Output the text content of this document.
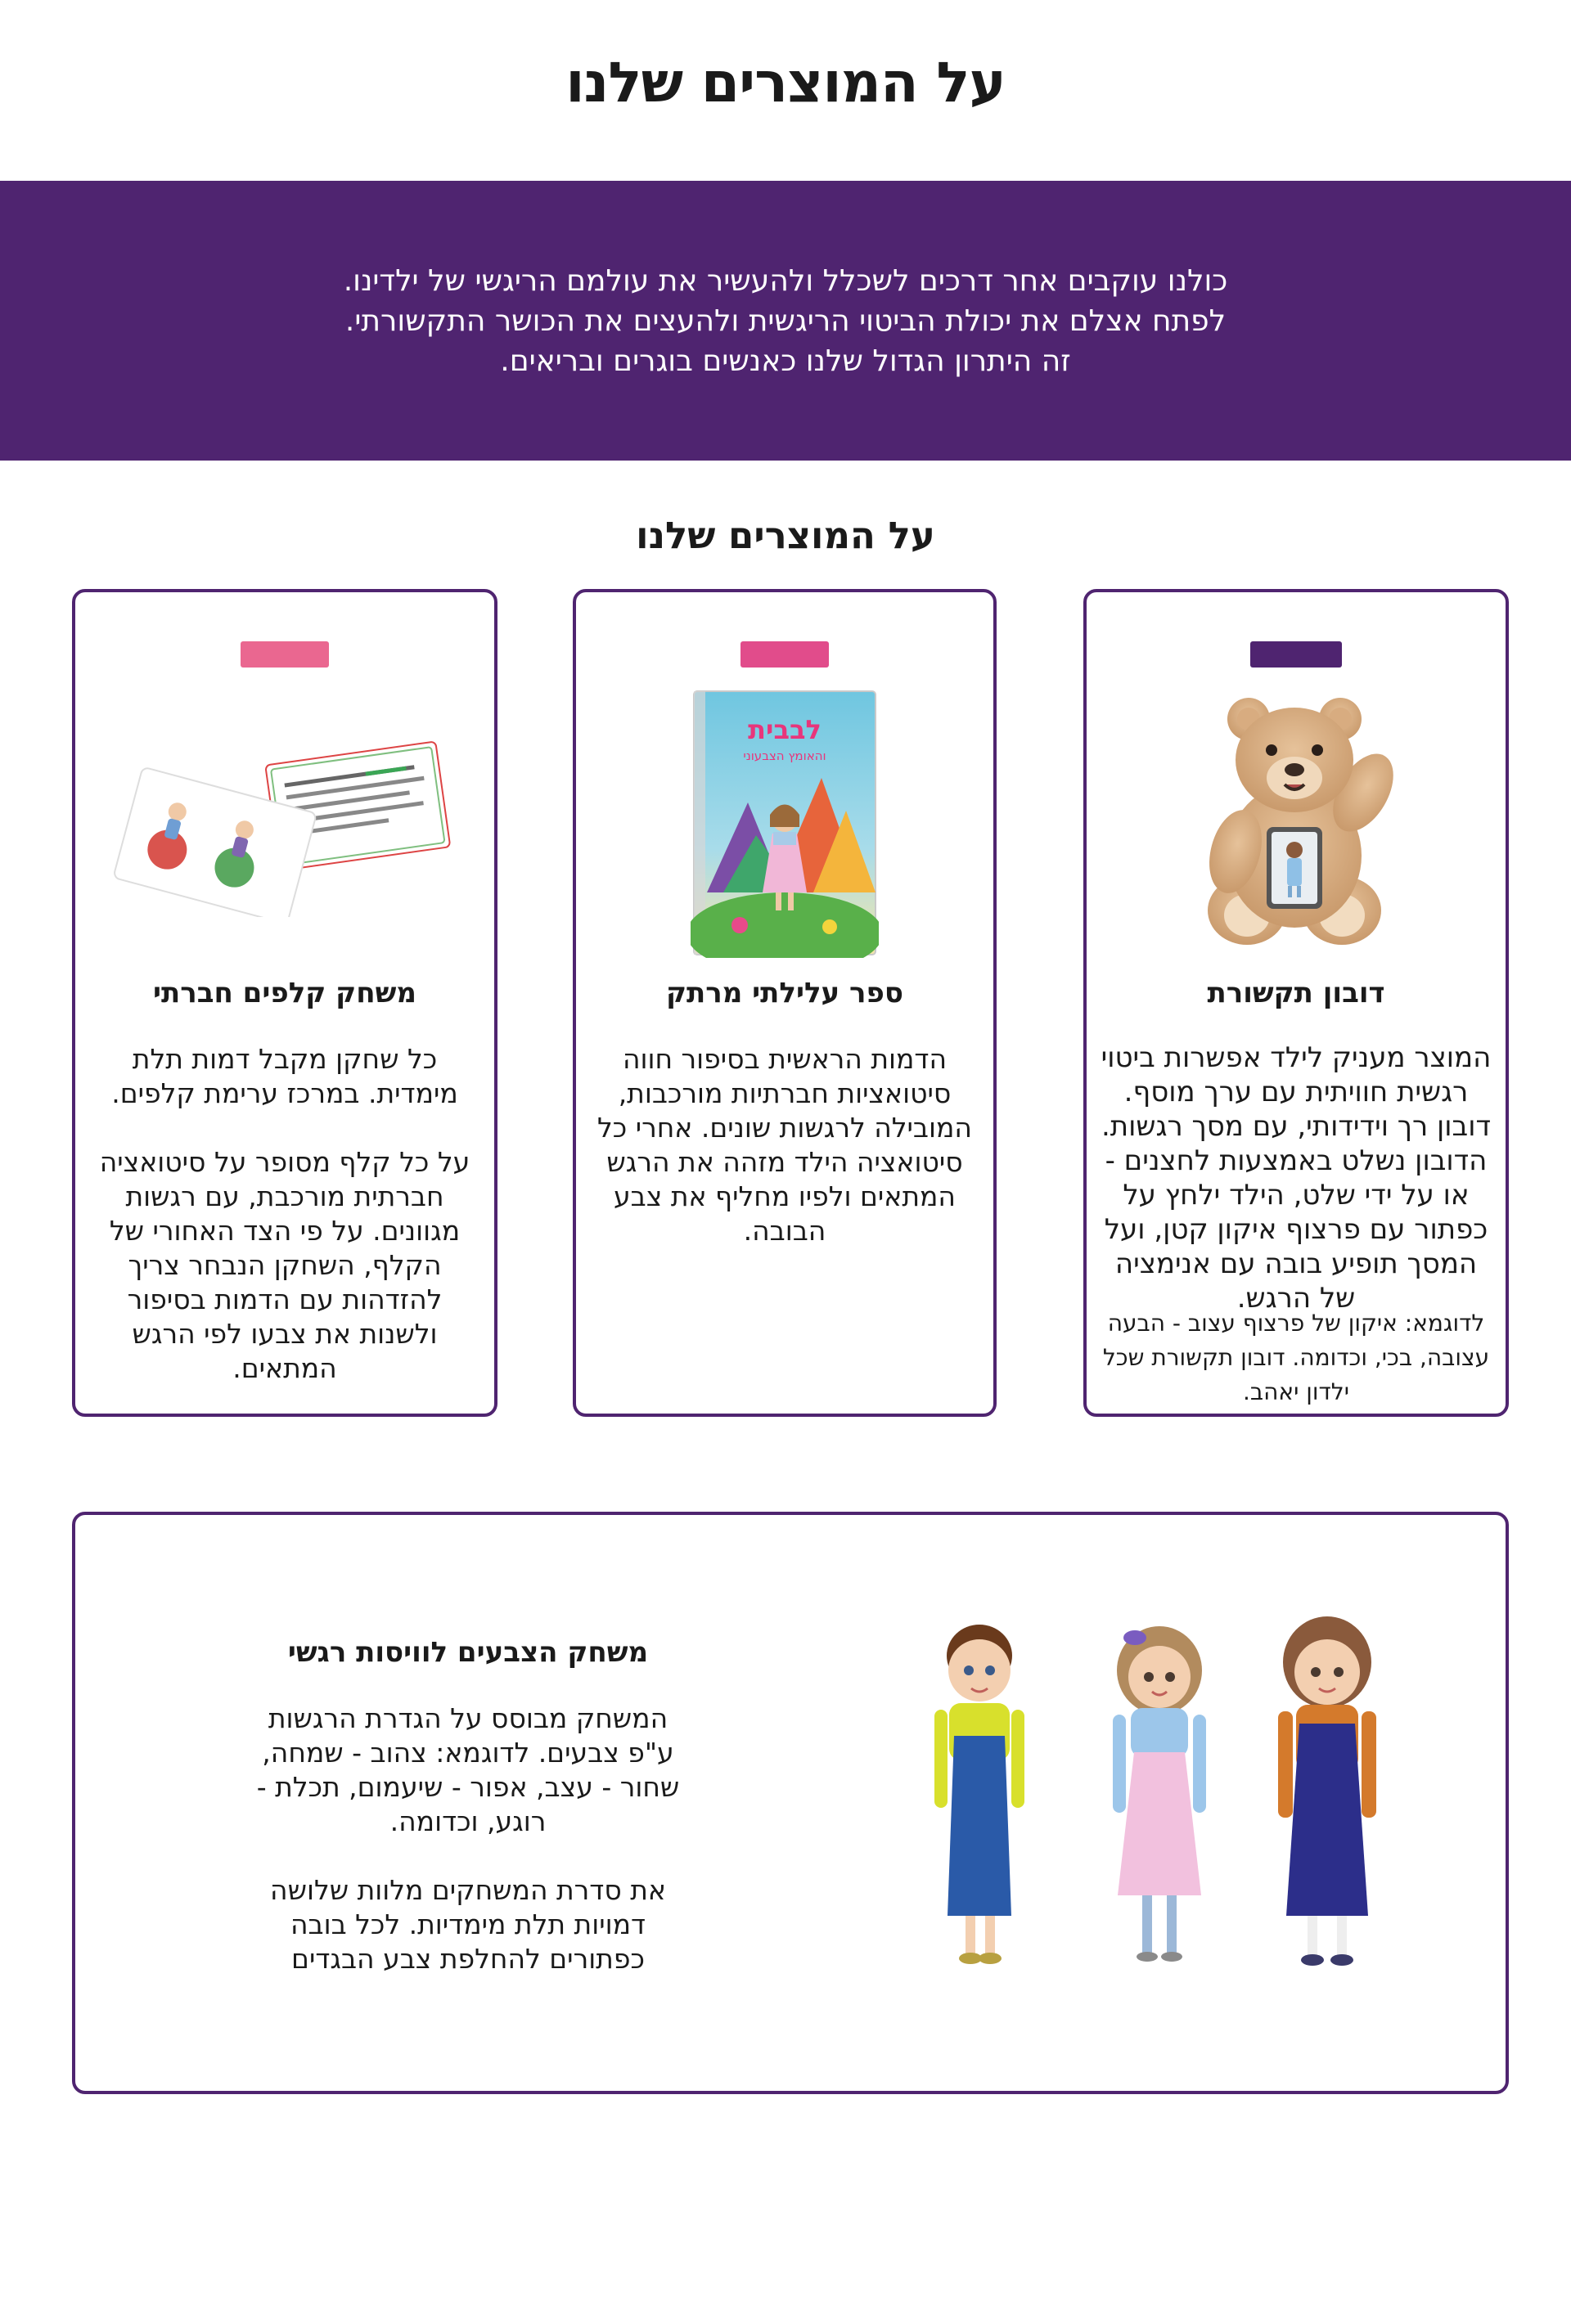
על המוצרים שלנו

כולנו עוקבים אחר דרכים לשכלל ולהעשיר את עולמם הריגשי של ילדינו.
לפתח אצלם את יכולת הביטוי הריגשית ולהעצים את הכושר התקשורתי.
זה היתרון הגדול שלנו כאנשים בוגרים ובריאים.

על המוצרים שלנו
דובון תקשורת
המוצר מעניק לילד אפשרות ביטוי רגשית חוויתית עם ערך מוסף. דובון רך וידידותי, עם מסך רגשות. הדובון נשלט באמצעות לחצנים - או על ידי שלט, הילד ילחץ על כפתור עם פרצוף איקון קטן, ועל המסך תופיע בובה עם אנימציה של הרגש.
לדוגמא: איקון של פרצוף עצוב - הבעה עצובה, בכי, וכדומה. דובון תקשורת שכל ילדון יאהב.
לבבית
והאומץ הצבעוני
ספר עלילתי מרתק
הדמות הראשית בסיפור חווה סיטואציות חברתיות מורכבות, המובילה לרגשות שונים. אחרי כל סיטואציה הילד מזהה את הרגש המתאים ולפיו מחליף את צבע הבובה.
משחק קלפים חברתי

כל שחקן מקבל דמות תלת מימדית. במרכז ערימת קלפים.

על כל קלף מסופר על סיטואציה חברתית מורכבת, עם רגשות מגוונים. על פי הצד האחורי של הקלף, השחקן הנבחר צריך להזדהות עם הדמות בסיפור ולשנות את צבעו לפי הרגש המתאים.

משחק הצבעים לוויסות רגשי

המשחק מבוסס על הגדרת הרגשות ע"פ צבעים. לדוגמא: צהוב - שמחה, שחור - עצב, אפור - שיעמום, תכלת - רוגע, וכדומה.

את סדרת המשחקים מלוות שלושה דמויות תלת מימדיות. לכל בובה כפתורים להחלפת צבע הבגדים
